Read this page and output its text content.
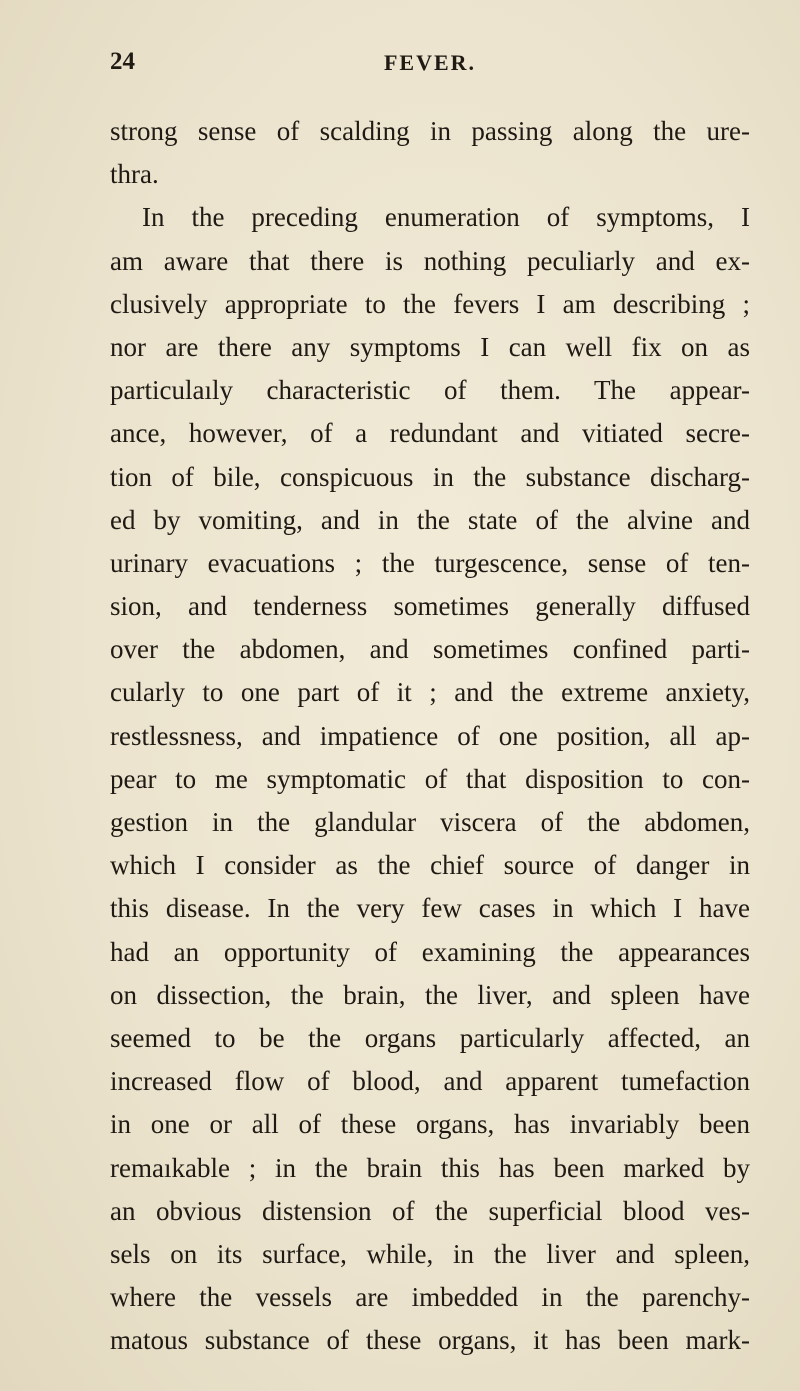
24	FEVER.
strong sense of scalding in passing along the ure-
thra.
In the preceding enumeration of symptoms, I
am aware that there is nothing peculiarly and ex-
clusively appropriate to the fevers I am describing ;
nor are there any symptoms I can well fix on as
particulaıly characteristic of them. The appear-
ance, however, of a redundant and vitiated secre-
tion of bile, conspicuous in the substance discharg-
ed by vomiting, and in the state of the alvine and
urinary evacuations ; the turgescence, sense of ten-
sion, and tenderness sometimes generally diffused
over the abdomen, and sometimes confined parti-
cularly to one part of it ; and the extreme anxiety,
restlessness, and impatience of one position, all ap-
pear to me symptomatic of that disposition to con-
gestion in the glandular viscera of the abdomen,
which I consider as the chief source of danger in
this disease. In the very few cases in which I have
had an opportunity of examining the appearances
on dissection, the brain, the liver, and spleen have
seemed to be the organs particularly affected, an
increased flow of blood, and apparent tumefaction
in one or all of these organs, has invariably been
remaıkable ; in the brain this has been marked by
an obvious distension of the superficial blood ves-
sels on its surface, while, in the liver and spleen,
where the vessels are imbedded in the parenchy-
matous substance of these organs, it has been mark-
